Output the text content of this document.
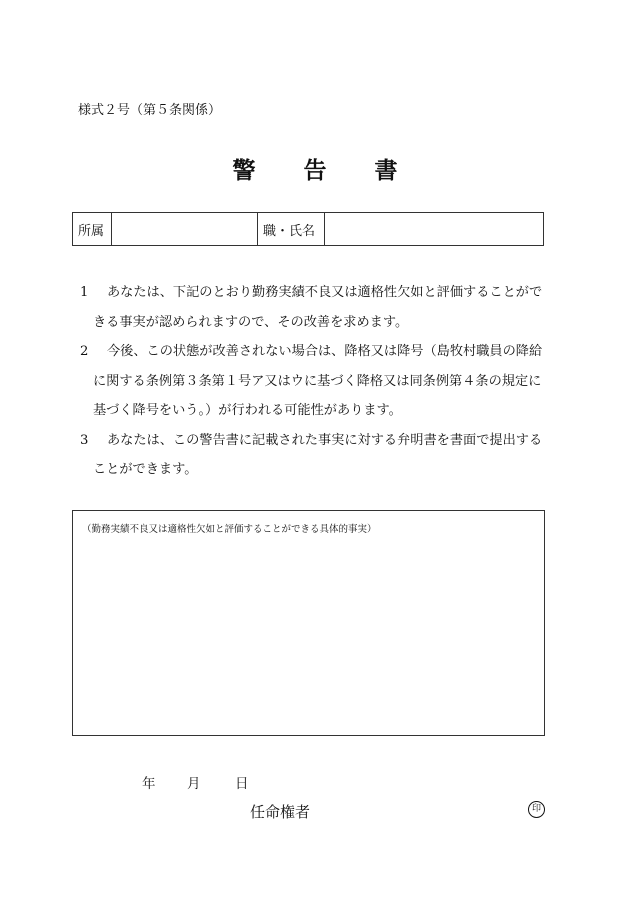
様式２号（第５条関係）
警 告 書
所属	職・氏名
1	あなたは、下記のとおり勤務実績不良又は適格性欠如と評価することができる事実が認められますので、その改善を求めます。
2	今後、この状態が改善されない場合は、降格又は降号（島牧村職員の降給に関する条例第３条第１号ア又はウに基づく降格又は同条例第４条の規定に基づく降号をいう。）が行われる可能性があります。
3	あなたは、この警告書に記載された事実に対する弁明書を書面で提出することができます。
（勤務実績不良又は適格性欠如と評価することができる具体的事実）
年 月	日
任命権者	印
